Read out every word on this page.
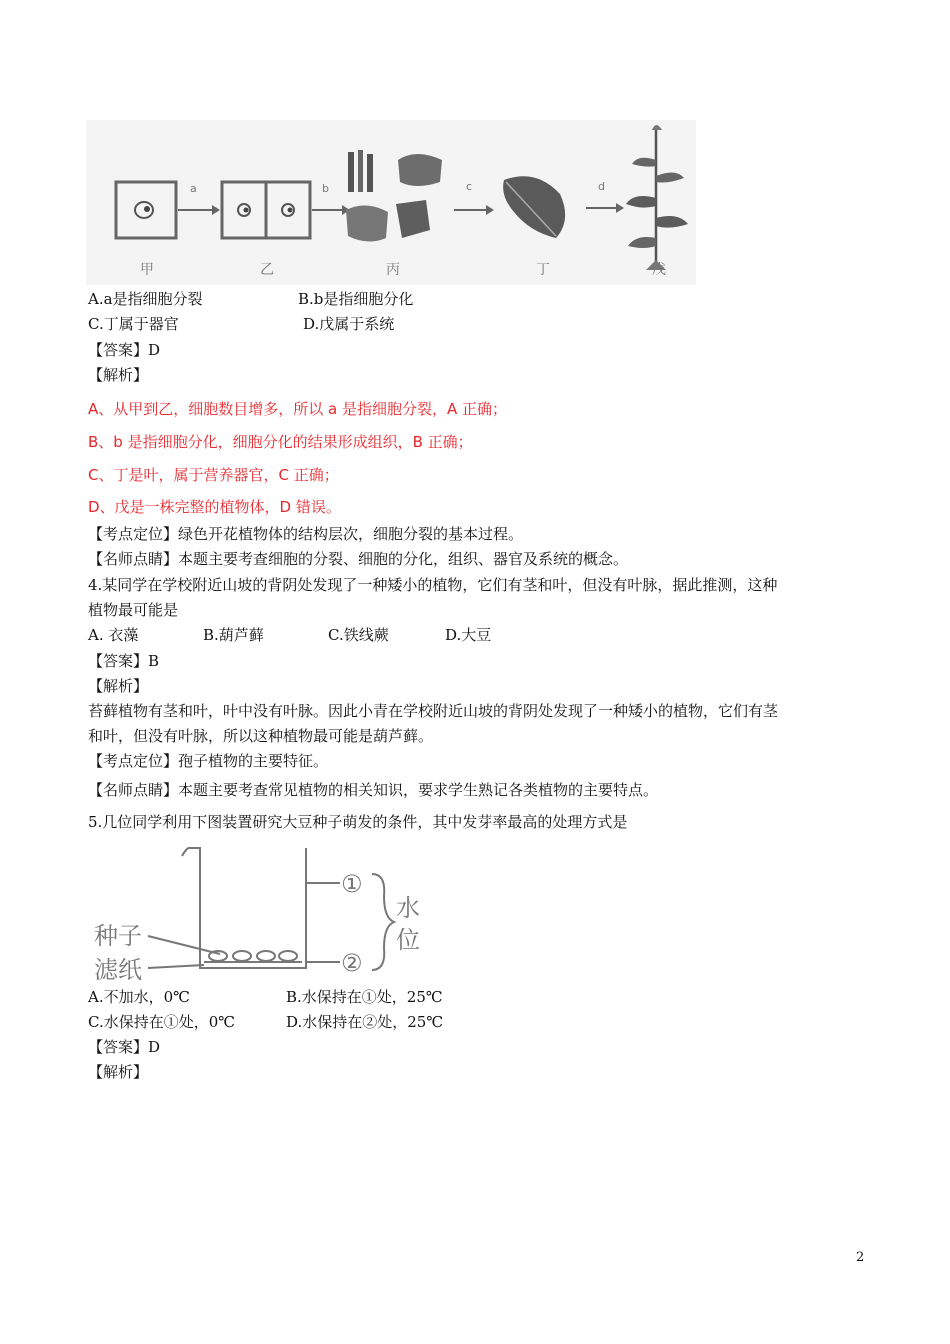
a	b	c	d
甲	乙	丙	丁	戊
A.a是指细胞分裂	B.b是指细胞分化
C.丁属于器官	D.戊属于系统
【答案】D
【解析】
A、从甲到乙，细胞数目增多，所以 a 是指细胞分裂，A 正确；
B、b 是指细胞分化，细胞分化的结果形成组织，B 正确；
C、丁是叶，属于营养器官，C 正确；
D、戊是一株完整的植物体，D 错误。
【考点定位】绿色开花植物体的结构层次，细胞分裂的基本过程。
【名师点睛】本题主要考查细胞的分裂、细胞的分化，组织、器官及系统的概念。
4.某同学在学校附近山坡的背阴处发现了一种矮小的植物，它们有茎和叶，但没有叶脉，据此推测，这种
植物最可能是
A. 衣藻	B.葫芦藓	C.铁线蕨	D.大豆
【答案】B
【解析】
苔藓植物有茎和叶，叶中没有叶脉。因此小青在学校附近山坡的背阴处发现了一种矮小的植物，它们有茎
和叶，但没有叶脉，所以这种植物最可能是葫芦藓。
【考点定位】孢子植物的主要特征。
【名师点睛】本题主要考查常见植物的相关知识，要求学生熟记各类植物的主要特点。
5.几位同学利用下图装置研究大豆种子萌发的条件，其中发芽率最高的处理方式是
①
②
水
位
种子
滤纸
A.不加水，0℃	B.水保持在①处，25℃
C.水保持在①处，0℃	D.水保持在②处，25℃
【答案】D
【解析】
2
